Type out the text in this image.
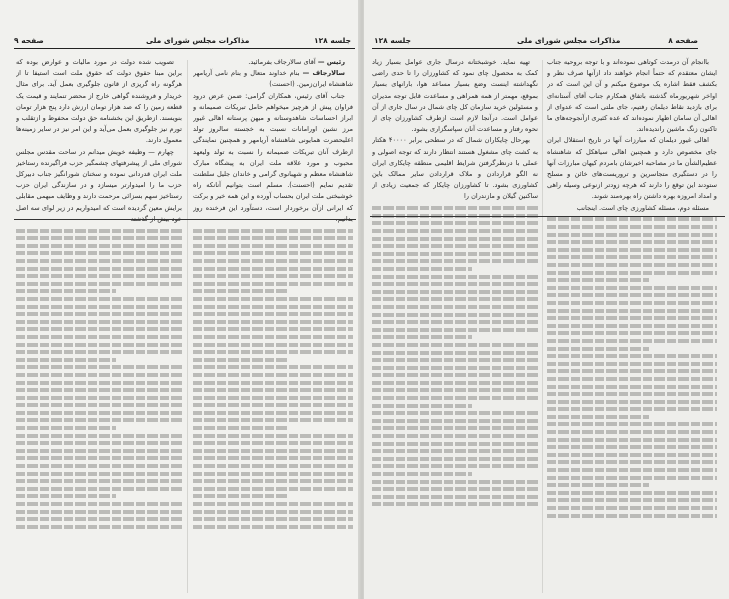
صفحه ۹	مذاکرات مجلس شورای ملی	جلسه ۱۲۸

رئیس — آقای سالارجاف بفرمائید.

سالارجاف — بنام خداوند متعال و بنام نامی آریامهر شاهنشاه ایران‌زمین. (احسنت)

جناب آقای رئیس، همکاران گرامی: ضمن عرض درود فراوان پیش از هرچیز میخواهم حامل تبریکات صمیمانه و ابراز احساسات شاهدوستانه و میهن پرستانه اهالی غیور مرز نشین اورامانات نسبت به خجسته سالروز تولد اعلیحضرت همایونی شاهنشاه آریامهر و همچنین نمایندگی ازطرف آنان تبریکات صمیمانه را نسبت به تولد ولیعهد محبوب و مورد علاقه ملت ایران به پیشگاه مبارک شاهنشاه معظم و شهبانوی گرامی و خاندان جلیل سلطنت تقدیم نمایم (احسنت). مسلم است بتوانیم آنانکه راه خوشبختی ملت ایران بحساب آورده و این همه خیر و برکت که ایرانی ازآن برخوردار است، دستآورد این فرخنده روز

تصویب شده دولت در مورد مالیات و عوارض بوده که براین مبنا حقوق دولت که حقوق ملت است استیفا تا از هرگونه راه گریزی از قانون جلوگیری بعمل آید. برای مثال خریدار و فروشنده گواهی خارج از محضر تنمایند و قیمت یک قطعه زمین را که صد هزار تومان ارزش دارد پنج هزار تومان بنویسند. ازطریق این بخشنامه حق دولت محفوظ و ازتقلب و تورم نیز جلوگیری بعمل می‌آید و این امر نیز در سایر زمینه‌ها معمول دارند.

چهارم — وظیفه خویش میدانم در ساحت مقدس مجلس شورای ملی از پیشرفتهای چشمگیر حزب فراگیرنده رستاخیز ملت ایران قدردانی نموده و سخنان شورانگیز جناب دبیرکل حزب ما را امیدوارتر میسازد و در سازندگی ایران حزب رستاخیز سهم بسزائی مرحمت دارند و وظایف مبهمی مقابلی برایش معین گردیده است که امیدواریم در زیر لوای سه اصل

جلسه ۱۲۸	مذاکرات مجلس شورای ملی	صفحه ۸

باانجام آن درمدت کوتاهی نموده‌اند و با توجه بروحیه جناب ایشان معتقدم که حتماً انجام خواهند داد ازآنها صرف نظر و بکشف فقط اشاره یک موضوع میکنم و آن این است که در اواخر شهریورماه گذشته باتفاق همکارم جناب آقای آستانه‌ای برای بازدید نقاط دیلمان رفتیم، جای ملتی است که عدوای از اهالی آن سامان اظهار نموده‌اند که عده کثیری ازآنجوجه‌های ما تاکنون زنگ ماشین راندیده‌اند.

اهالی غیور دیلمان که مبارزات آنها در تاریخ استقلال ایران جای مخصوص دارد و همچنین اهالی سیاهکل که شاهنشاه عظیم‌الشأن ما در مصاحبه اخیرشان بامردم کیهان مبارزات آنها را در دستگیری متجاسرین و تروریست‌های خائن و مسلح ستودند این توقع را دارند که هرچه زودتر ازنوعی وسیله راهی و امداد امروزه بهره داشتن راه بهره‌مند شوند.

مسئله دوم، مسئله کشاورزی چای است. اینجانب

تهیه نماید. خوشبختانه درسال جاری عوامل بسیار زیاد کمک به محصول چای نمود که کشاورزان را تا حدی راضی نگهداشته اینست وضع بسیار مساعد هوا، بارانهای بسیار بموقع، مهمتر از همه همراهی و مساعدت قابل توجه مدیران و مسئولین خرید سازمان کل چای شمال در سال جاری از آن عوامل است. درآنجا لازم است ازطرف کشاورزان چای از نحوه رفتار و مساعدت آنان سپاسگزاری بشود.

بهرحال چایکاران شمال که در سطحی برابر ۴۰۰۰۰ هکتار به کشت چای مشغول هستند انتظار دارند که توجه اصولی و عملی با درنظرگرفتن شرایط اقلیمی منطقه چایکاری ایران نه الگو قراردادن و ملاک قراردادن سایر ممالک باین کشاورزی بشود. تا کشاورزان چایکار که جمعیت زیادی از ساکنین گیلان و مازندران را
